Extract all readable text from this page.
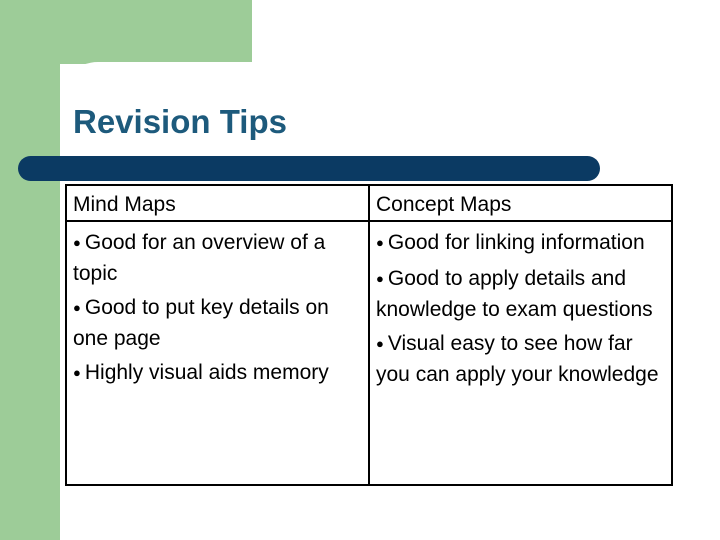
Revision Tips
Mind Maps	Concept Maps

● Good for an overview of a topic

● Good to put key details on one page

● Highly visual aids memory

● Good for linking information

● Good to apply details and knowledge to exam questions

● Visual easy to see how far you can apply your knowledge
